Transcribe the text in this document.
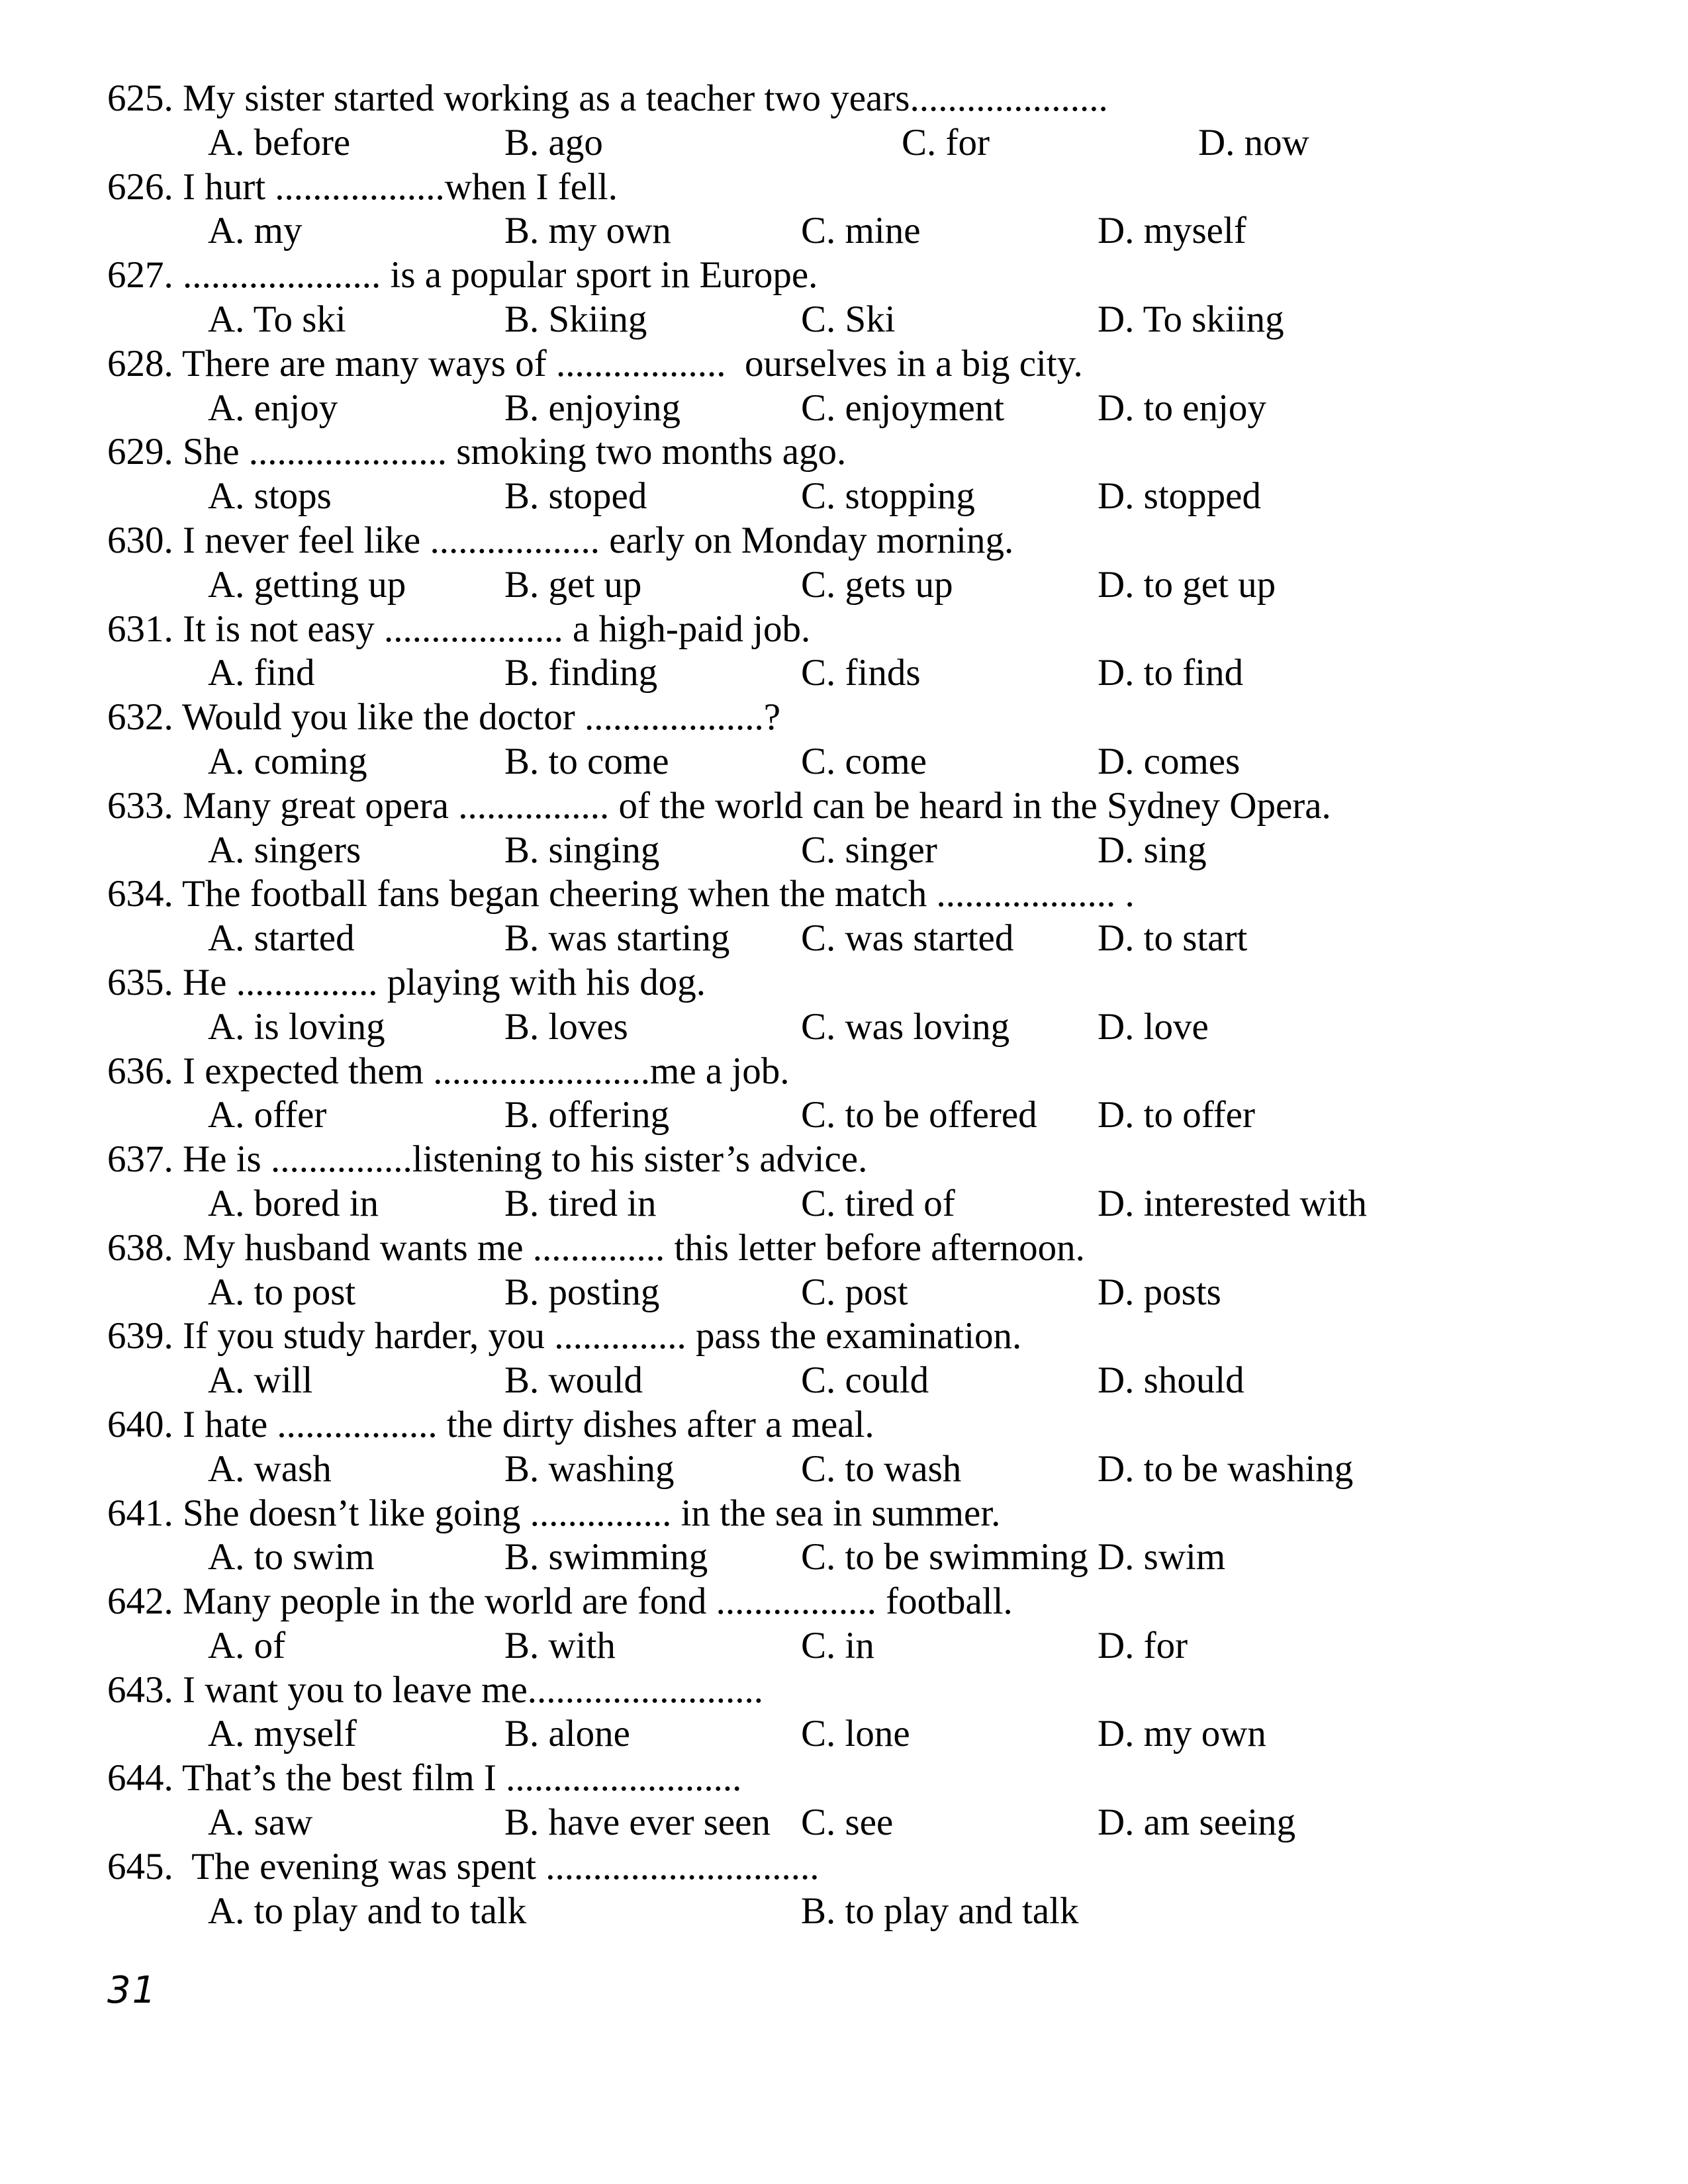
625. My sister started working as a teacher two years.....................
A. before	B. ago	C. for	D. now
626. I hurt ..................when I fell.
A. my	B. my own	C. mine	D. myself
627. ..................... is a popular sport in Europe.
A. To ski	B. Skiing	C. Ski	D. To skiing
628. There are many ways of ..................  ourselves in a big city.
A. enjoy	B. enjoying	C. enjoyment D. to enjoy
629. She ..................... smoking two months ago.
A. stops	B. stoped	C. stopping	D. stopped
630. I never feel like .................. early on Monday morning.
A. getting up	B. get up	C. gets up	D. to get up
631. It is not easy ................... a high-paid job.
A. find	B. finding	C. finds	D. to find
632. Would you like the doctor ...................?
A. coming	B. to come	C. come	D. comes
633. Many great opera ................ of the world can be heard in the Sydney Opera.
A. singers	B. singing	C. singer	D. sing
634. The football fans began cheering when the match ................... .
A. started	B. was starting C. was started D. to start
635. He ............... playing with his dog.
A. is loving	B. loves	C. was loving D. love
636. I expected them .......................me a job.
A. offer	B. offering	C. to be offered D. to offer
637. He is ...............listening to his sister’s advice.
A. bored in	B. tired in	C. tired of	D. interested with
638. My husband wants me .............. this letter before afternoon.
A. to post	B. posting	C. post	D. posts
639. If you study harder, you .............. pass the examination.
A. will	B. would	C. could	D. should
640. I hate ................. the dirty dishes after a meal.
A. wash	B. washing	C. to wash	D. to be washing
641. She doesn’t like going ............... in the sea in summer.
A. to swim	B. swimming C. to be swimming D. swim
642. Many people in the world are fond ................. football.
A. of	B. with	C. in	D. for
643. I want you to leave me.........................
A. myself	B. alone	C. lone	D. my own
644. That’s the best film I .........................
A. saw	B. have ever seen C. see	D. am seeing
645.  The evening was spent .............................
A. to play and to talk	B. to play and talk
31
